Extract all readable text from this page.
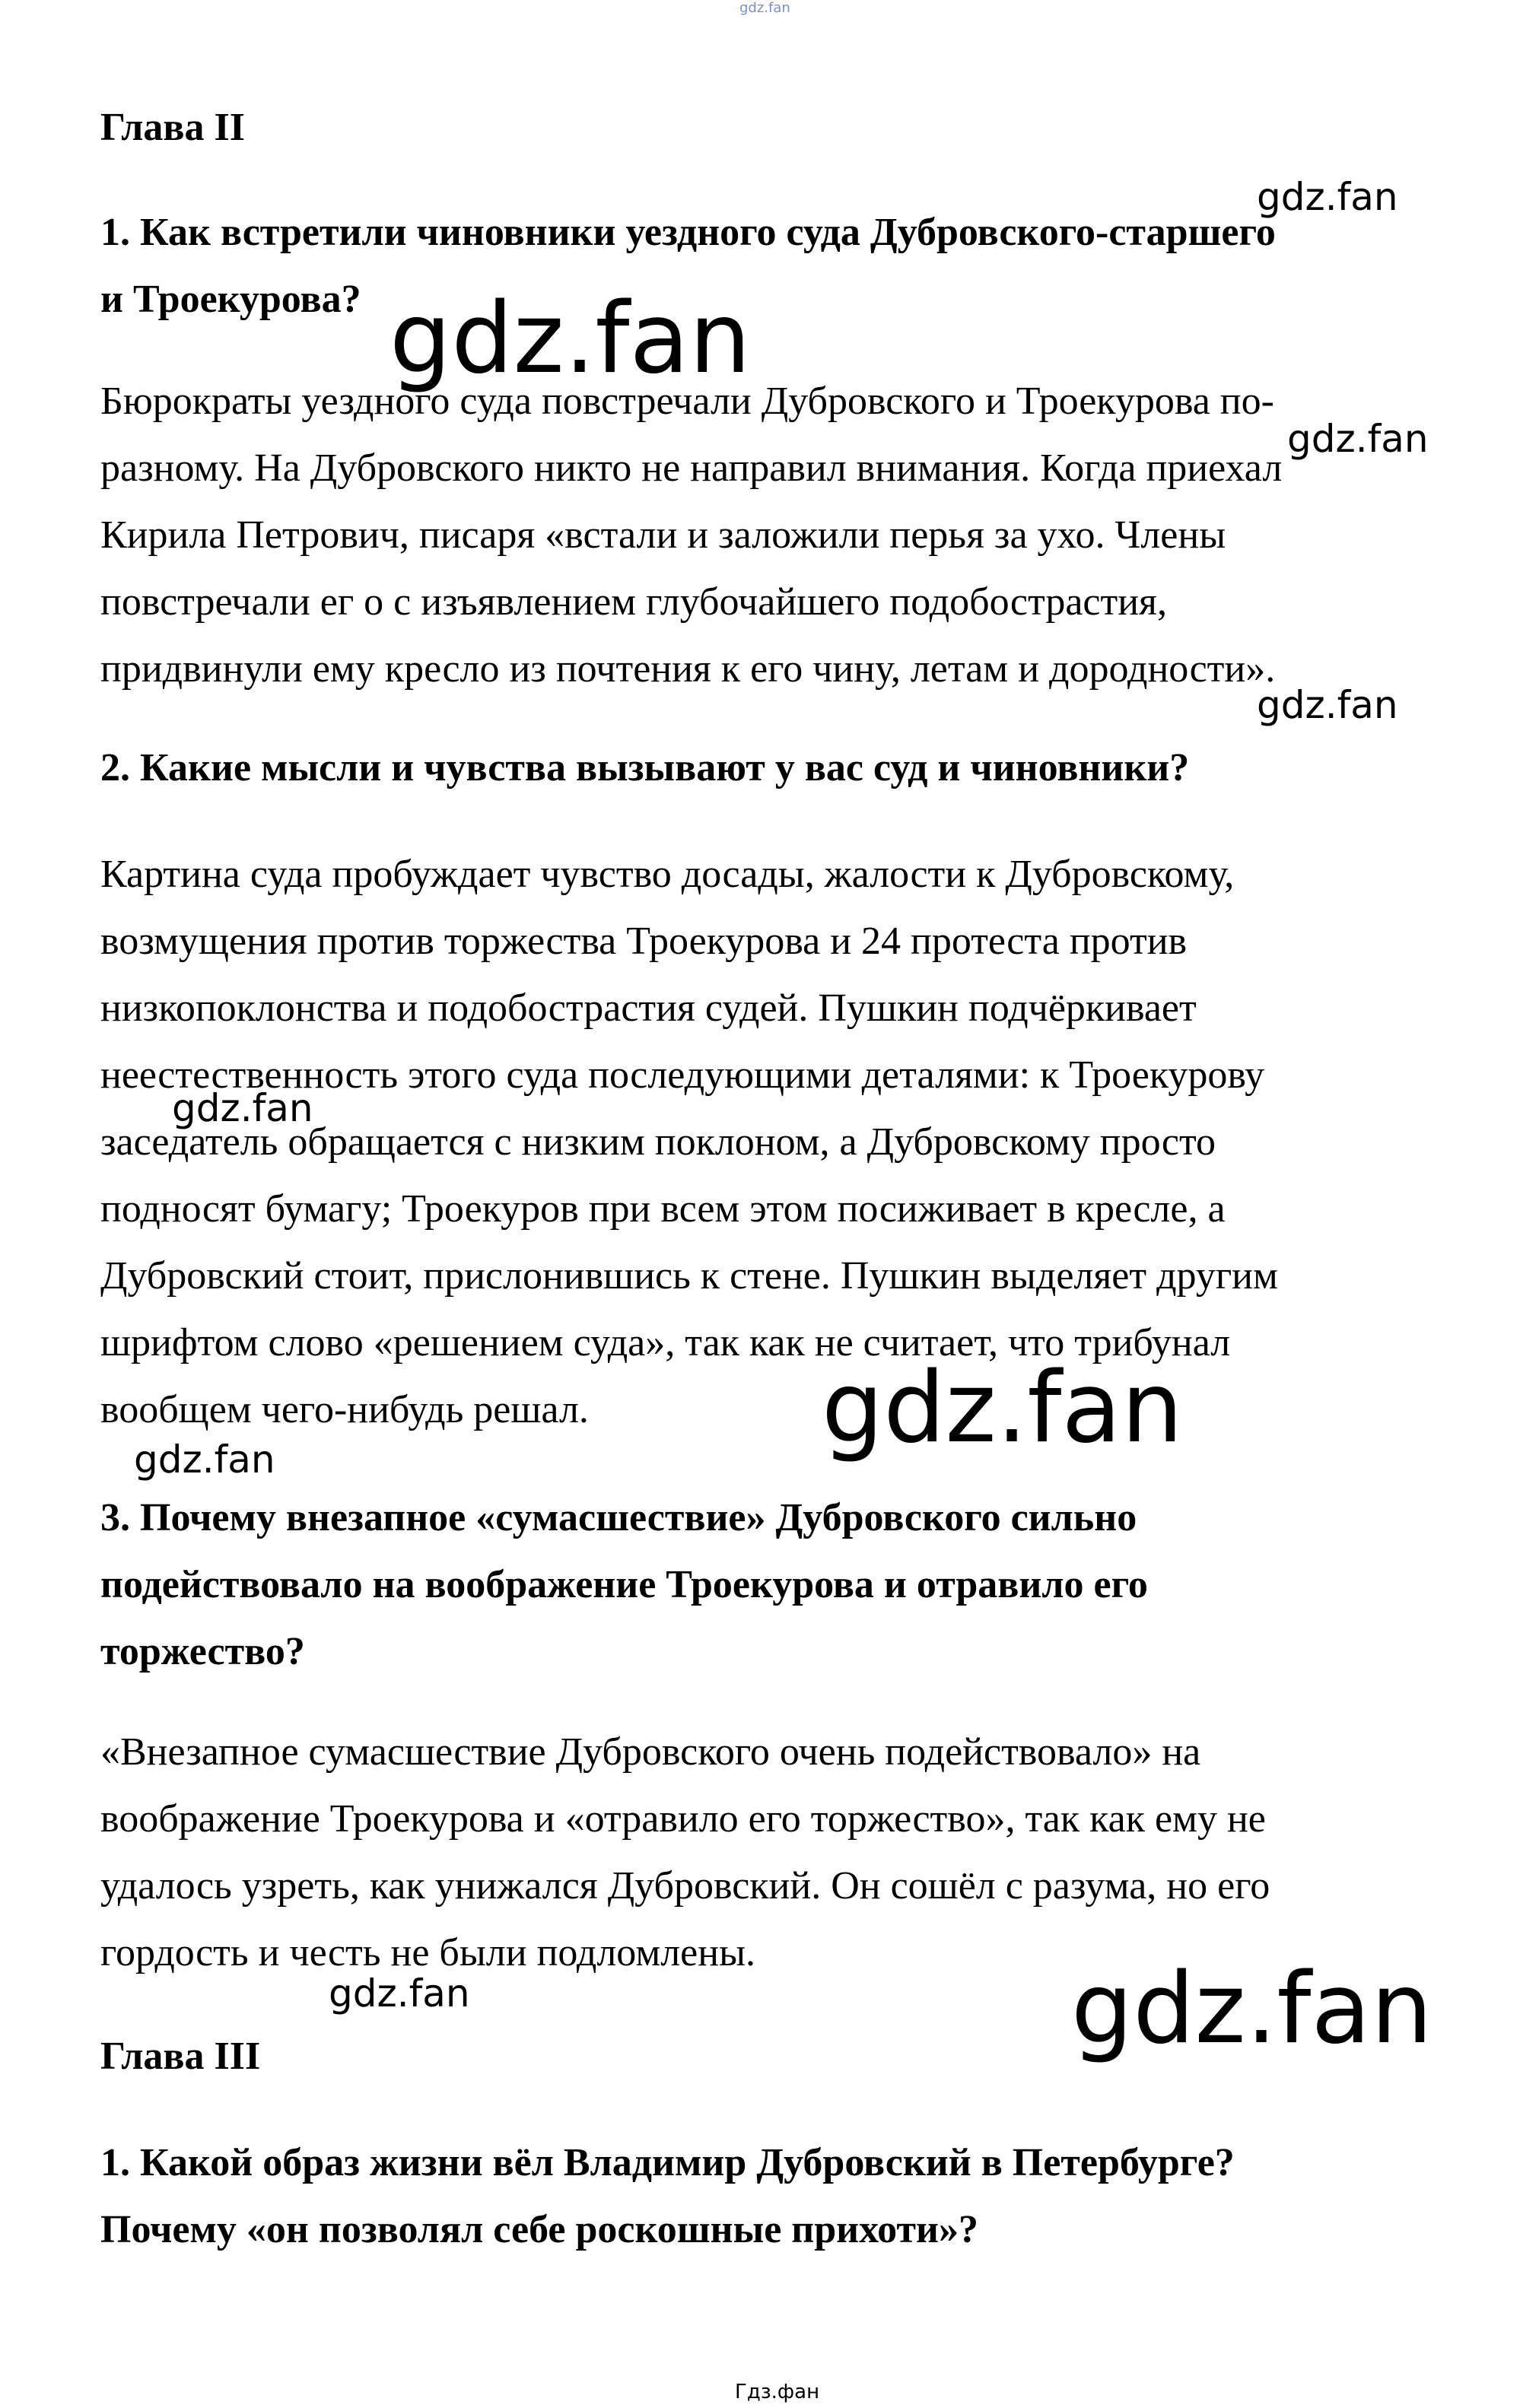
gdz.fan
Глава II
1. Как встретили чиновники уездного суда Дубровского-старшего
и Троекурова?
Бюрократы уездного суда повстречали Дубровского и Троекурова по-
разному. На Дубровского никто не направил внимания. Когда приехал
Кирила Петрович, писаря «встали и заложили перья за ухо. Члены
повстречали ег о с изъявлением глубочайшего подобострастия,
придвинули ему кресло из почтения к его чину, летам и дородности».
2. Какие мысли и чувства вызывают у вас суд и чиновники?
Картина суда пробуждает чувство досады, жалости к Дубровскому,
возмущения против торжества Троекурова и 24 протеста против
низкопоклонства и подобострастия судей. Пушкин подчёркивает
неестественность этого суда последующими деталями: к Троекурову
заседатель обращается с низким поклоном, а Дубровскому просто
подносят бумагу; Троекуров при всем этом посиживает в кресле, а
Дубровский стоит, прислонившись к стене. Пушкин выделяет другим
шрифтом слово «решением суда», так как не считает, что трибунал
вообщем чего-нибудь решал.
3. Почему внезапное «сумасшествие» Дубровского сильно
подействовало на воображение Троекурова и отравило его
торжество?
«Внезапное сумасшествие Дубровского очень подействовало» на
воображение Троекурова и «отравило его торжество», так как ему не
удалось узреть, как унижался Дубровский. Он сошёл с разума, но его
гордость и честь не были подломлены.
Глава III
1. Какой образ жизни вёл Владимир Дубровский в Петербурге?
Почему «он позволял себе роскошные прихоти»?
gdz.fan
gdz.fan
gdz.fan
gdz.fan
gdz.fan
gdz.fan
gdz.fan
gdz.fan	gdz.fan
Гдз.фан
